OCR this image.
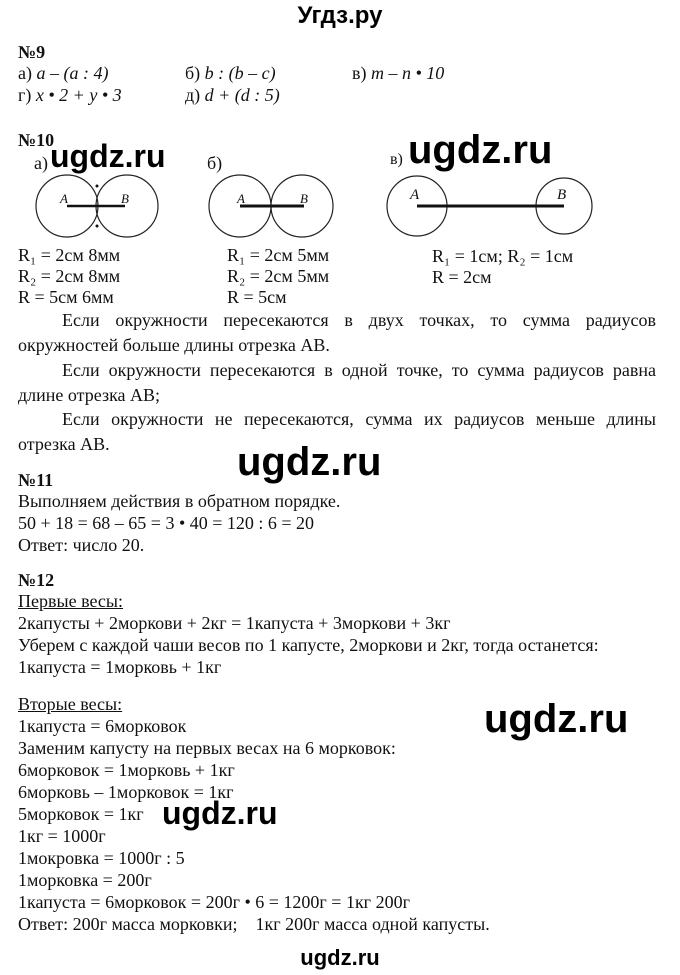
Угдз.ру
№9
а) a – (a : 4)	б) b : (b – c)	в) m – n • 10
г) x • 2 + y • 3	д) d + (d : 5)
№10
а)	б)	в)
ugdz.ru	ugdz.ru
A	B	A	B	A	B
R₁ = 2см 8мм
R₂ = 2см 8мм
R = 5см 6мм
R₁ = 2см 5мм
R₂ = 2см 5мм
R = 5см
R₁ = 1см; R₂ = 1см
R = 2см
Если окружности пересекаются в двух точках, то сумма радиусов окружностей больше длины отрезка AB.
Если окружности пересекаются в одной точке, то сумма радиусов равна длине отрезка AB;
Если окружности не пересекаются, сумма их радиусов меньше длины отрезка AB.	ugdz.ru
№11
Выполняем действия в обратном порядке.
50 + 18 = 68 – 65 = 3 • 40 = 120 : 6 = 20
Ответ: число 20.
№12
Первые весы:
2капусты + 2моркови + 2кг = 1капуста + 3моркови + 3кг
Уберем с каждой чаши весов по 1 капусте, 2моркови и 2кг, тогда останется:
1капуста = 1морковь + 1кг
Вторые весы:	ugdz.ru
1капуста = 6морковок
Заменим капусту на первых весах на 6 морковок:
6морковок = 1морковь + 1кг
6морковь – 1морковок = 1кг
5морковок = 1кг ugdz.ru
1кг = 1000г
1мокровка = 1000г : 5
1морковка = 200г
1капуста = 6морковок = 200г • 6 = 1200г = 1кг 200г
Ответ: 200г масса морковки;    1кг 200г масса одной капусты.
ugdz.ru
